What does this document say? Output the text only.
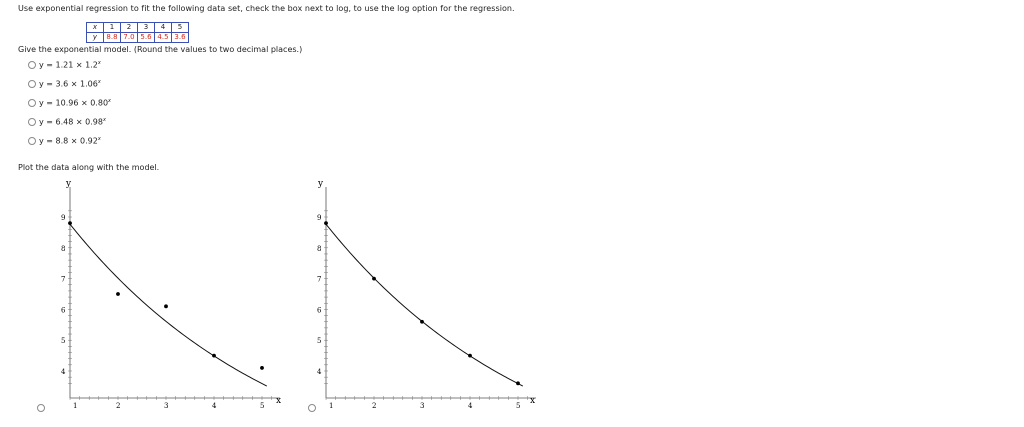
Use exponential regression to fit the following data set, check the box next to log, to use the log option for the regression.
x	1	2	3	4	5
y	8.8	7.0	5.6	4.5	3.6
Give the exponential model. (Round the values to two decimal places.)
$y = 1.21 \times 1.2^x$
$y = 3.6 \times 1.06^x$
$y = 10.96 \times 0.80^x$
$y = 6.48 \times 0.98^x$
$y = 8.8 \times 0.92^x$
Plot the data along with the model.
y
x
1	2	3	4	5
4
5
6
7
8
9
y
x
1	2	3	4	5
4
5
6
7
8
9
